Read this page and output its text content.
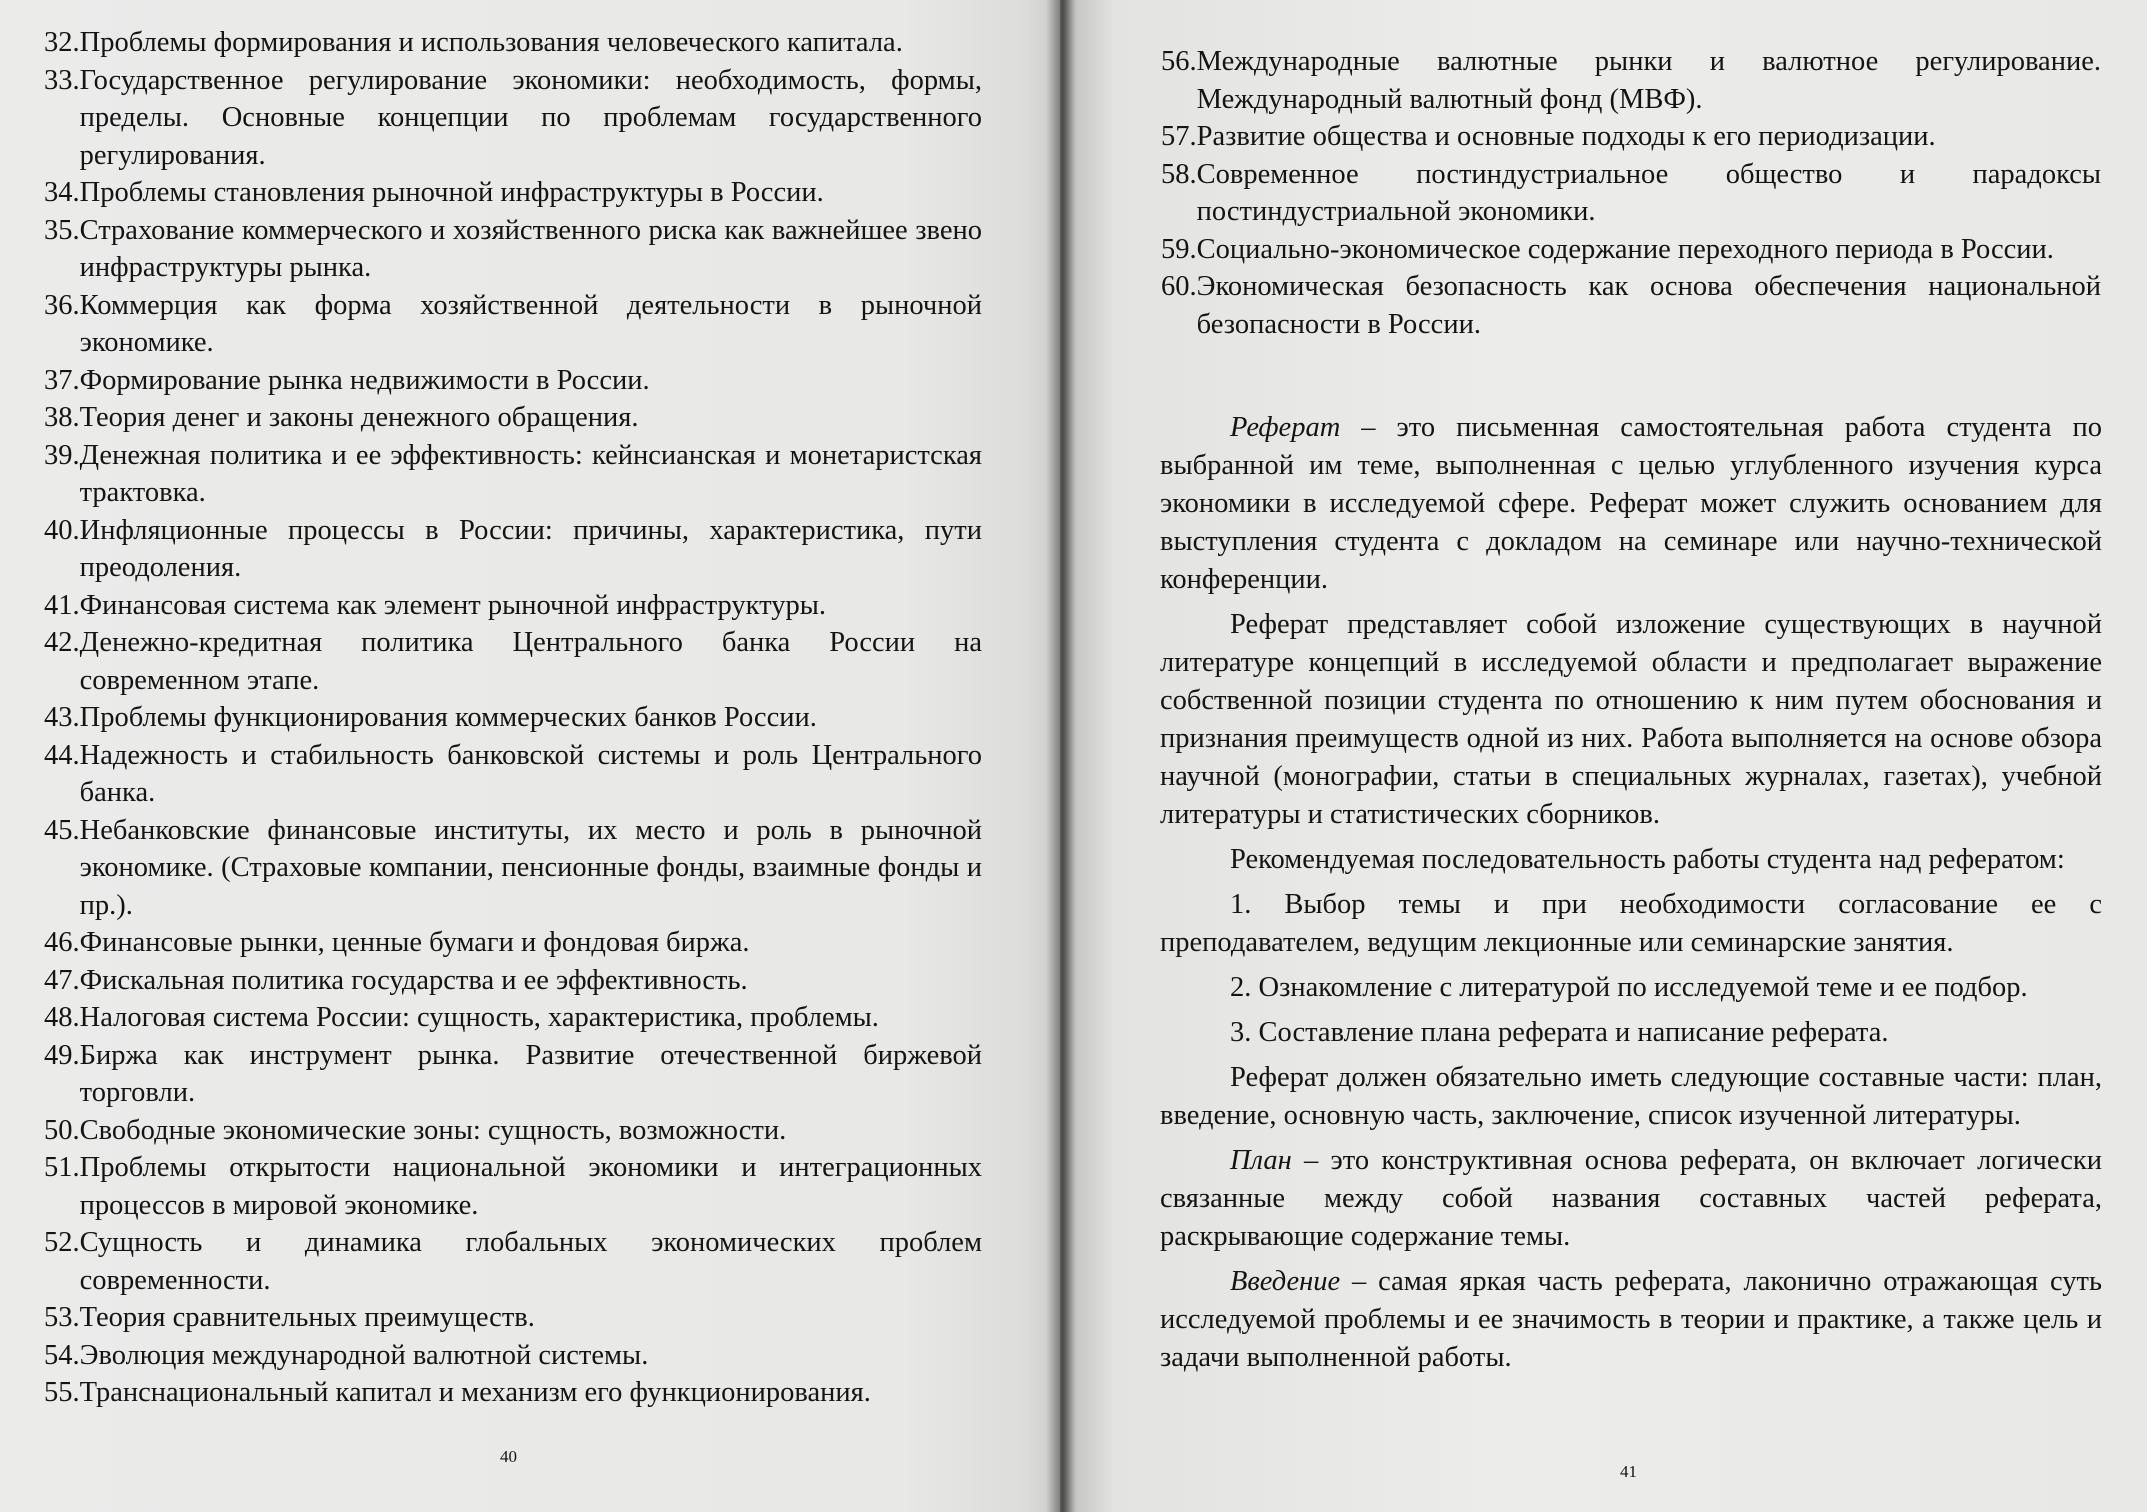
32. Проблемы формирования и использования человеческого капитала.
33. Государственное регулирование экономики: необходимость, формы, пределы. Основные концепции по проблемам государственного регулирования.
34. Проблемы становления рыночной инфраструктуры в России.
35. Страхование коммерческого и хозяйственного риска как важнейшее звено инфраструктуры рынка.
36. Коммерция как форма хозяйственной деятельности в рыночной экономике.
37. Формирование рынка недвижимости в России.
38. Теория денег и законы денежного обращения.
39. Денежная политика и ее эффективность: кейнсианская и монетаристская трактовка.
40. Инфляционные процессы в России: причины, характеристика, пути преодоления.
41. Финансовая система как элемент рыночной инфраструктуры.
42. Денежно-кредитная политика Центрального банка России на современном этапе.
43. Проблемы функционирования коммерческих банков России.
44. Надежность и стабильность банковской системы и роль Центрального банка.
45. Небанковские финансовые институты, их место и роль в рыночной экономике. (Страховые компании, пенсионные фонды, взаимные фонды и пр.).
46. Финансовые рынки, ценные бумаги и фондовая биржа.
47. Фискальная политика государства и ее эффективность.
48. Налоговая система России: сущность, характеристика, проблемы.
49. Биржа как инструмент рынка. Развитие отечественной биржевой торговли.
50. Свободные экономические зоны: сущность, возможности.
51. Проблемы открытости национальной экономики и интеграционных процессов в мировой экономике.
52. Сущность и динамика глобальных экономических проблем современности.
53. Теория сравнительных преимуществ.
54. Эволюция международной валютной системы.
55. Транснациональный капитал и механизм его функционирования.
40
56. Международные валютные рынки и валютное регулирование. Международный валютный фонд (МВФ).
57. Развитие общества и основные подходы к его периодизации.
58. Современное постиндустриальное общество и парадоксы постиндустриальной экономики.
59. Социально-экономическое содержание переходного периода в России.
60. Экономическая безопасность как основа обеспечения национальной безопасности в России.

Реферат – это письменная самостоятельная работа студента по выбранной им теме, выполненная с целью углубленного изучения курса экономики в исследуемой сфере. Реферат может служить основанием для выступления студента с докладом на семинаре или научно-технической конференции.

Реферат представляет собой изложение существующих в научной литературе концепций в исследуемой области и предполагает выражение собственной позиции студента по отношению к ним путем обоснования и признания преимуществ одной из них. Работа выполняется на основе обзора научной (монографии, статьи в специальных журналах, газетах), учебной литературы и статистических сборников.

Рекомендуемая последовательность работы студента над рефератом:

1. Выбор темы и при необходимости согласование ее с преподавателем, ведущим лекционные или семинарские занятия.

2. Ознакомление с литературой по исследуемой теме и ее подбор.

3. Составление плана реферата и написание реферата.

Реферат должен обязательно иметь следующие составные части: план, введение, основную часть, заключение, список изученной литературы.

План – это конструктивная основа реферата, он включает логически связанные между собой названия составных частей реферата, раскрывающие содержание темы.

Введение – самая яркая часть реферата, лаконично отражающая суть исследуемой проблемы и ее значимость в теории и практике, а также цель и задачи выполненной работы.

41
